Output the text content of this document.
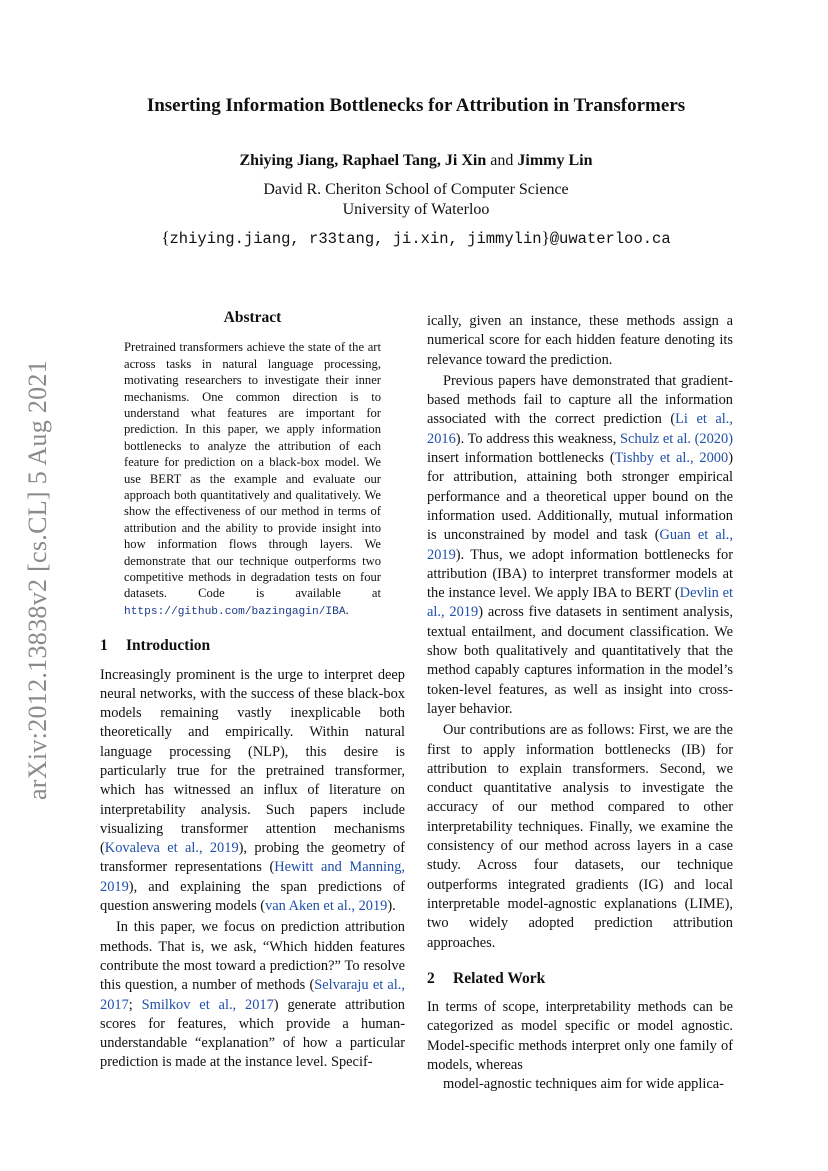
arXiv:2012.13838v2 [cs.CL] 5 Aug 2021
Inserting Information Bottlenecks for Attribution in Transformers
Zhiying Jiang, Raphael Tang, Ji Xin and Jimmy Lin
David R. Cheriton School of Computer Science
University of Waterloo
{zhiying.jiang, r33tang, ji.xin, jimmylin}@uwaterloo.ca
Abstract
Pretrained transformers achieve the state of the art across tasks in natural language processing, motivating researchers to investigate their inner mechanisms. One common direction is to understand what features are important for prediction. In this paper, we apply information bottlenecks to analyze the attribution of each feature for prediction on a black-box model. We use BERT as the example and evaluate our approach both quantitatively and qualitatively. We show the effectiveness of our method in terms of attribution and the ability to provide insight into how information flows through layers. We demonstrate that our technique outperforms two competitive methods in degradation tests on four datasets. Code is available at https://github.com/bazingagin/IBA.
1 Introduction

Increasingly prominent is the urge to interpret deep neural networks, with the success of these black-box models remaining vastly inexplicable both theoretically and empirically. Within natural language processing (NLP), this desire is particularly true for the pretrained transformer, which has witnessed an influx of literature on interpretability analysis. Such papers include visualizing transformer attention mechanisms (Kovaleva et al., 2019), probing the geometry of transformer representations (Hewitt and Manning, 2019), and explaining the span predictions of question answering models (van Aken et al., 2019).

In this paper, we focus on prediction attribution methods. That is, we ask, “Which hidden features contribute the most toward a prediction?” To resolve this question, a number of methods (Selvaraju et al., 2017; Smilkov et al., 2017) generate attribution scores for features, which provide a human-understandable “explanation” of how a particular prediction is made at the instance level. Specif-

ically, given an instance, these methods assign a numerical score for each hidden feature denoting its relevance toward the prediction.

Previous papers have demonstrated that gradient-based methods fail to capture all the information associated with the correct prediction (Li et al., 2016). To address this weakness, Schulz et al. (2020) insert information bottlenecks (Tishby et al., 2000) for attribution, attaining both stronger empirical performance and a theoretical upper bound on the information used. Additionally, mutual information is unconstrained by model and task (Guan et al., 2019). Thus, we adopt information bottlenecks for attribution (IBA) to interpret transformer models at the instance level. We apply IBA to BERT (Devlin et al., 2019) across five datasets in sentiment analysis, textual entailment, and document classification. We show both qualitatively and quantitatively that the method capably captures information in the model’s token-level features, as well as insight into cross-layer behavior.

Our contributions are as follows: First, we are the first to apply information bottlenecks (IB) for attribution to explain transformers. Second, we conduct quantitative analysis to investigate the accuracy of our method compared to other interpretability techniques. Finally, we examine the consistency of our method across layers in a case study. Across four datasets, our technique outperforms integrated gradients (IG) and local interpretable model-agnostic explanations (LIME), two widely adopted prediction attribution approaches.

2 Related Work

In terms of scope, interpretability methods can be categorized as model specific or model agnostic. Model-specific methods interpret only one family of models, whereas

model-agnostic techniques aim for wide applica-
